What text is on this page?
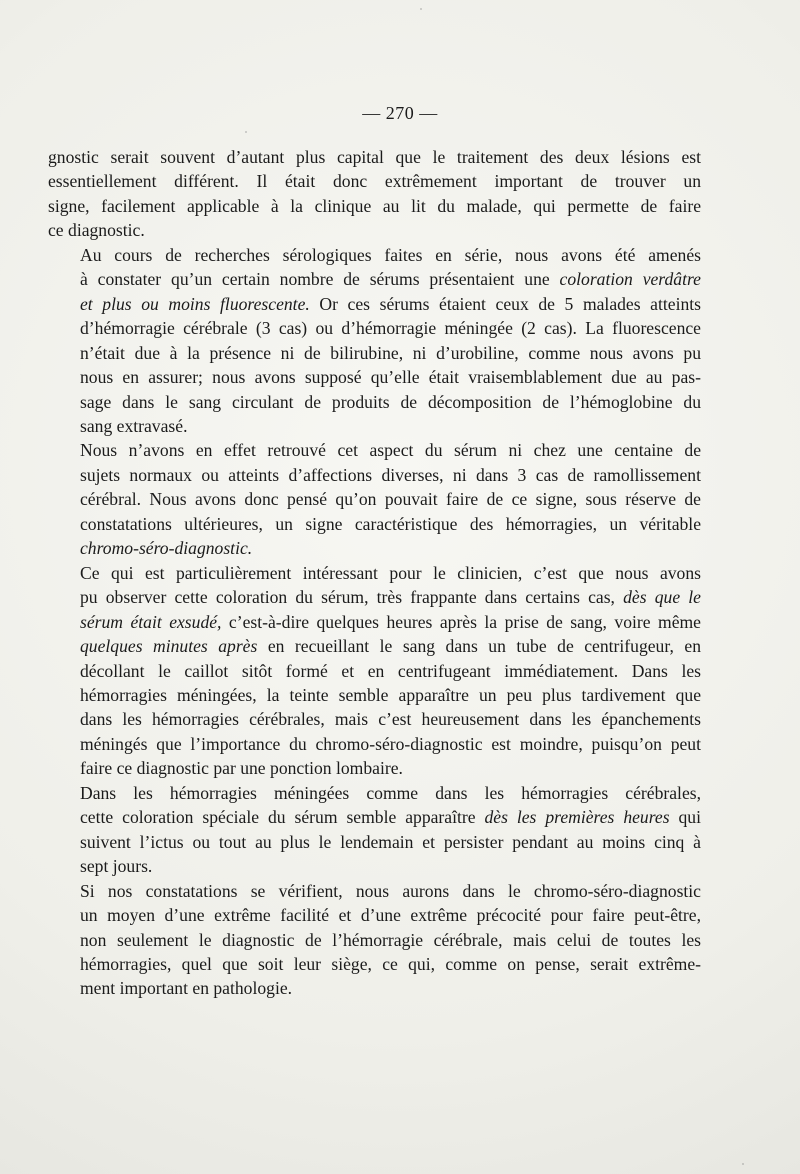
— 270 —

gnostic serait souvent d’autant plus capital que le traitement des deux lésions est
essentiellement différent. Il était donc extrêmement important de trouver un
signe, facilement applicable à la clinique au lit du malade, qui permette de faire
ce diagnostic.

Au cours de recherches sérologiques faites en série, nous avons été amenés
à constater qu’un certain nombre de sérums présentaient une coloration verdâtre
et plus ou moins fluorescente. Or ces sérums étaient ceux de 5 malades atteints
d’hémorragie cérébrale (3 cas) ou d’hémorragie méningée (2 cas). La fluorescence
n’était due à la présence ni de bilirubine, ni d’urobiline, comme nous avons pu
nous en assurer; nous avons supposé qu’elle était vraisemblablement due au pas-
sage dans le sang circulant de produits de décomposition de l’hémoglobine du
sang extravasé.

Nous n’avons en effet retrouvé cet aspect du sérum ni chez une centaine de
sujets normaux ou atteints d’affections diverses, ni dans 3 cas de ramollissement
cérébral. Nous avons donc pensé qu’on pouvait faire de ce signe, sous réserve de
constatations ultérieures, un signe caractéristique des hémorragies, un véritable
chromo-séro-diagnostic.

Ce qui est particulièrement intéressant pour le clinicien, c’est que nous avons
pu observer cette coloration du sérum, très frappante dans certains cas, dès que le
sérum était exsudé, c’est-à-dire quelques heures après la prise de sang, voire même
quelques minutes après en recueillant le sang dans un tube de centrifugeur, en
décollant le caillot sitôt formé et en centrifugeant immédiatement. Dans les
hémorragies méningées, la teinte semble apparaître un peu plus tardivement que
dans les hémorragies cérébrales, mais c’est heureusement dans les épanchements
méningés que l’importance du chromo-séro-diagnostic est moindre, puisqu’on peut
faire ce diagnostic par une ponction lombaire.

Dans les hémorragies méningées comme dans les hémorragies cérébrales,
cette coloration spéciale du sérum semble apparaître dès les premières heures qui
suivent l’ictus ou tout au plus le lendemain et persister pendant au moins cinq à
sept jours.

Si nos constatations se vérifient, nous aurons dans le chromo-séro-diagnostic
un moyen d’une extrême facilité et d’une extrême précocité pour faire peut-être,
non seulement le diagnostic de l’hémorragie cérébrale, mais celui de toutes les
hémorragies, quel que soit leur siège, ce qui, comme on pense, serait extrême-
ment important en pathologie.
